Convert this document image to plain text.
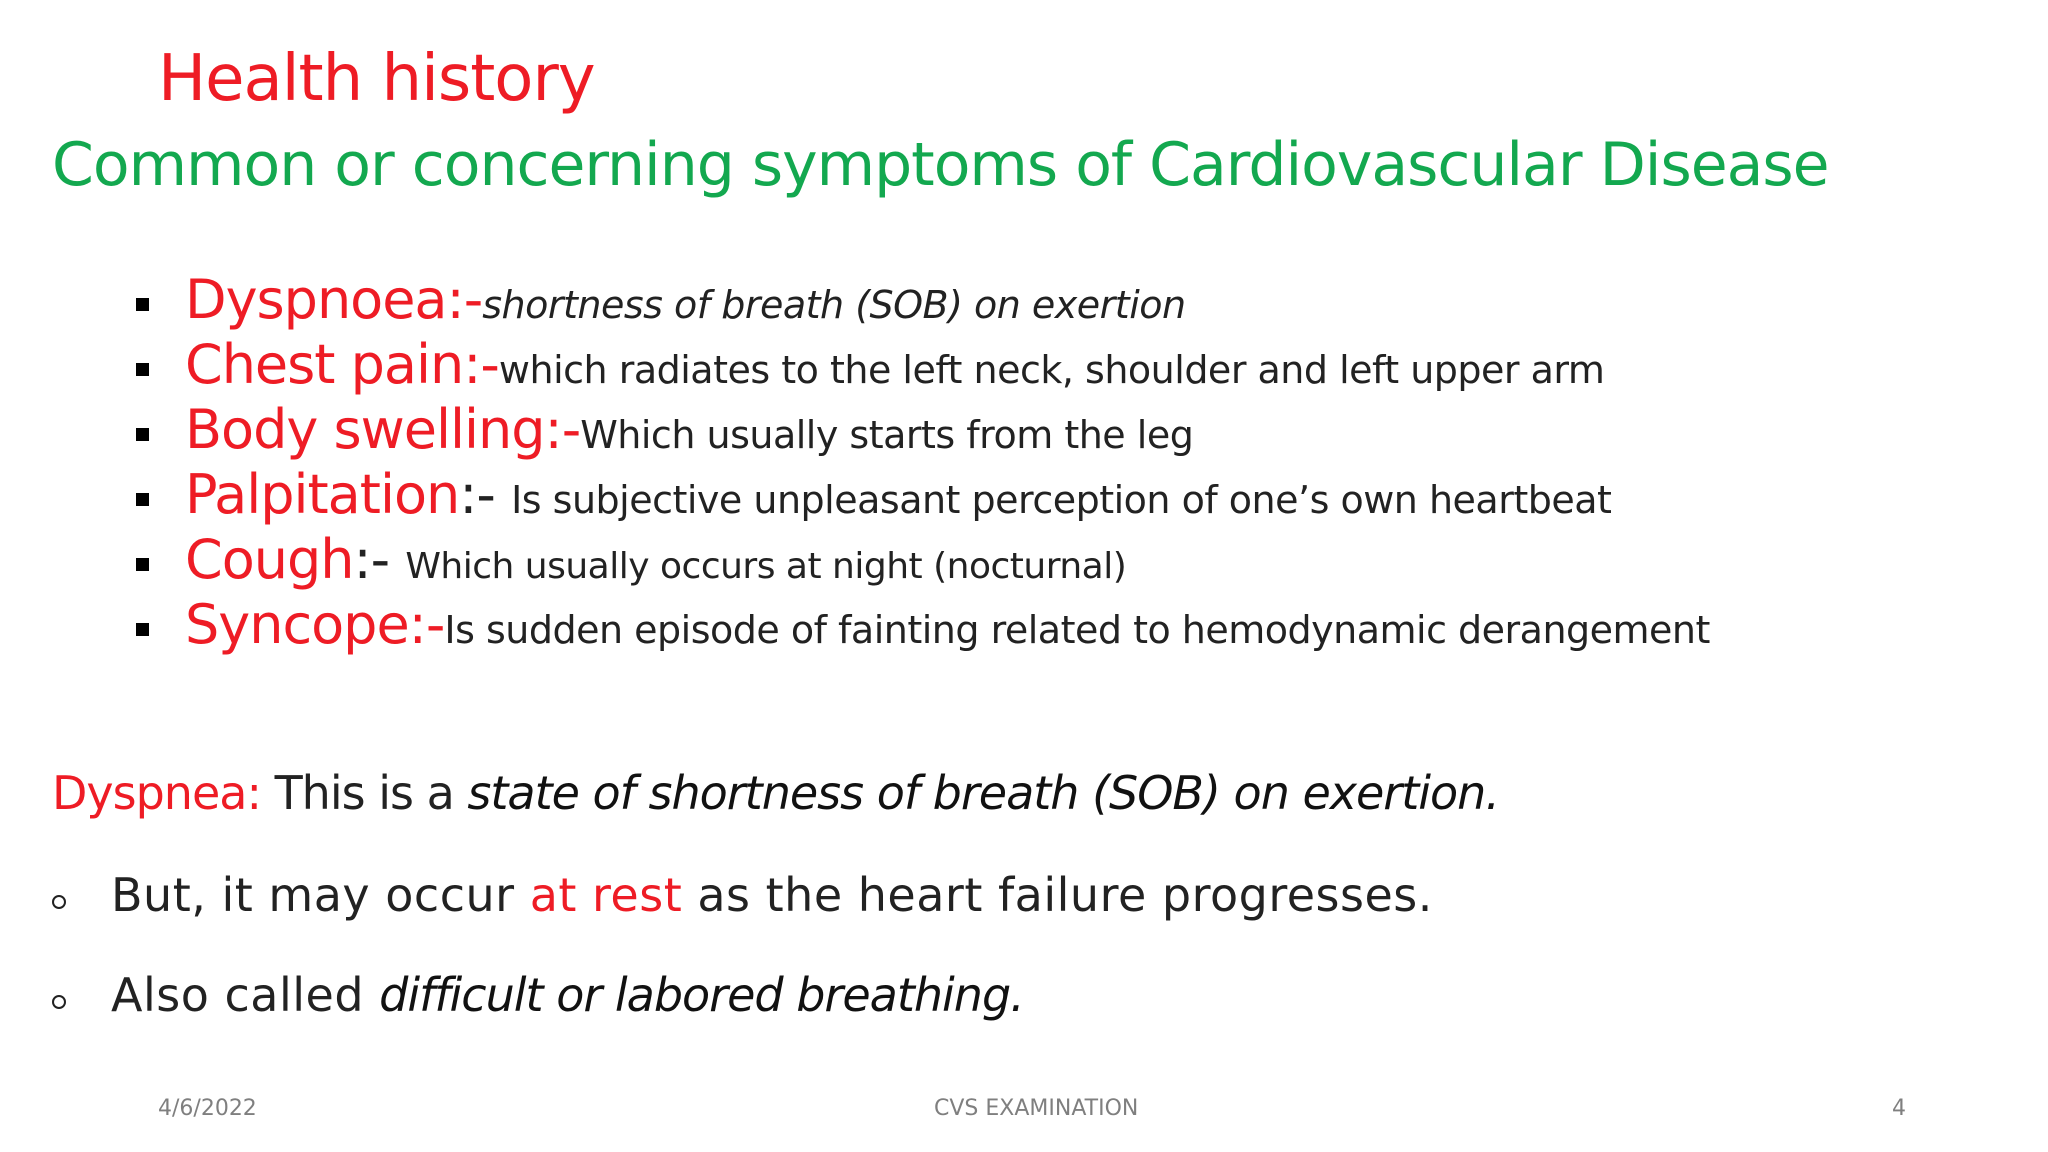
Health history
Common or concerning symptoms of Cardiovascular Disease
Dyspnoea: - shortness of breath (SOB) on exertion
Chest pain: - which radiates to the left neck, shoulder and left upper arm
Body swelling: - Which usually starts from the leg
Palpitation :- Is subjective unpleasant perception of one’s own heartbeat
Cough :- Which usually occurs at night (nocturnal)
Syncope: - Is sudden episode of fainting related to hemodynamic derangement
Dyspnea: This is a state of shortness of breath (SOB) on exertion.
But, it may occur at rest as the heart failure progresses.
Also called difficult or labored breathing.
4/6/2022	CVS EXAMINATION	4
